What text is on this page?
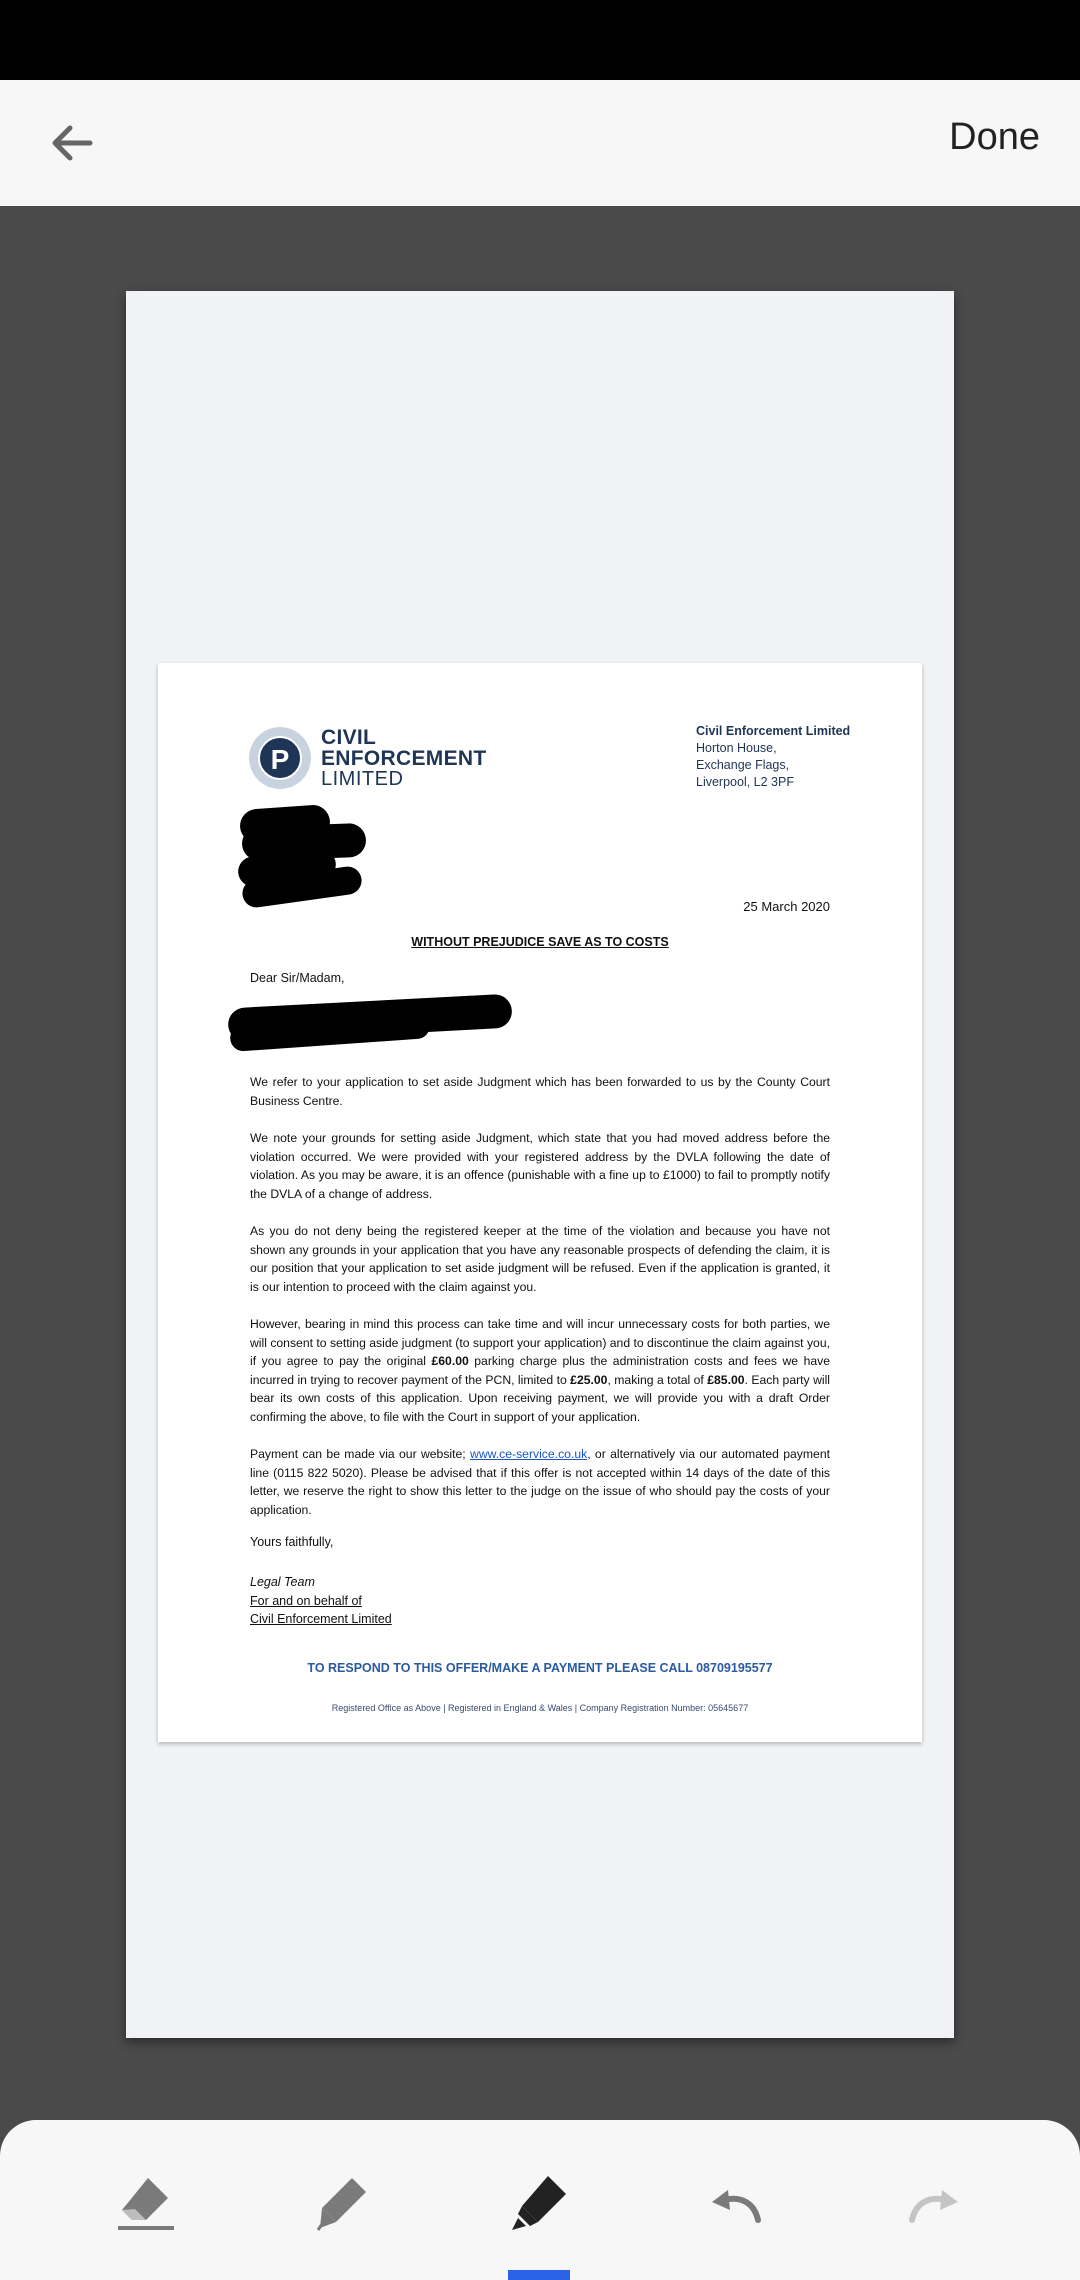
Done
P
CIVIL
ENFORCEMENT
LIMITED
Civil Enforcement Limited
Horton House,
Exchange Flags,
Liverpool, L2 3PF
25 March 2020
WITHOUT PREJUDICE SAVE AS TO COSTS
Dear Sir/Madam,

We refer to your application to set aside Judgment which has been forwarded to us by the County Court Business Centre.

We note your grounds for setting aside Judgment, which state that you had moved address before the violation occurred. We were provided with your registered address by the DVLA following the date of violation. As you may be aware, it is an offence (punishable with a fine up to £1000) to fail to promptly notify the DVLA of a change of address.

As you do not deny being the registered keeper at the time of the violation and because you have not shown any grounds in your application that you have any reasonable prospects of defending the claim, it is our position that your application to set aside judgment will be refused. Even if the application is granted, it is our intention to proceed with the claim against you.

However, bearing in mind this process can take time and will incur unnecessary costs for both parties, we will consent to setting aside judgment (to support your application) and to discontinue the claim against you, if you agree to pay the original £60.00 parking charge plus the administration costs and fees we have incurred in trying to recover payment of the PCN, limited to £25.00, making a total of £85.00. Each party will bear its own costs of this application. Upon receiving payment, we will provide you with a draft Order confirming the above, to file with the Court in support of your application.

Payment can be made via our website; www.ce-service.co.uk, or alternatively via our automated payment line (0115 822 5020). Please be advised that if this offer is not accepted within 14 days of the date of this letter, we reserve the right to show this letter to the judge on the issue of who should pay the costs of your application.

Yours faithfully,
Legal Team
For and on behalf of
Civil Enforcement Limited
TO RESPOND TO THIS OFFER/MAKE A PAYMENT PLEASE CALL 08709195577
Registered Office as Above | Registered in England & Wales | Company Registration Number: 05645677
